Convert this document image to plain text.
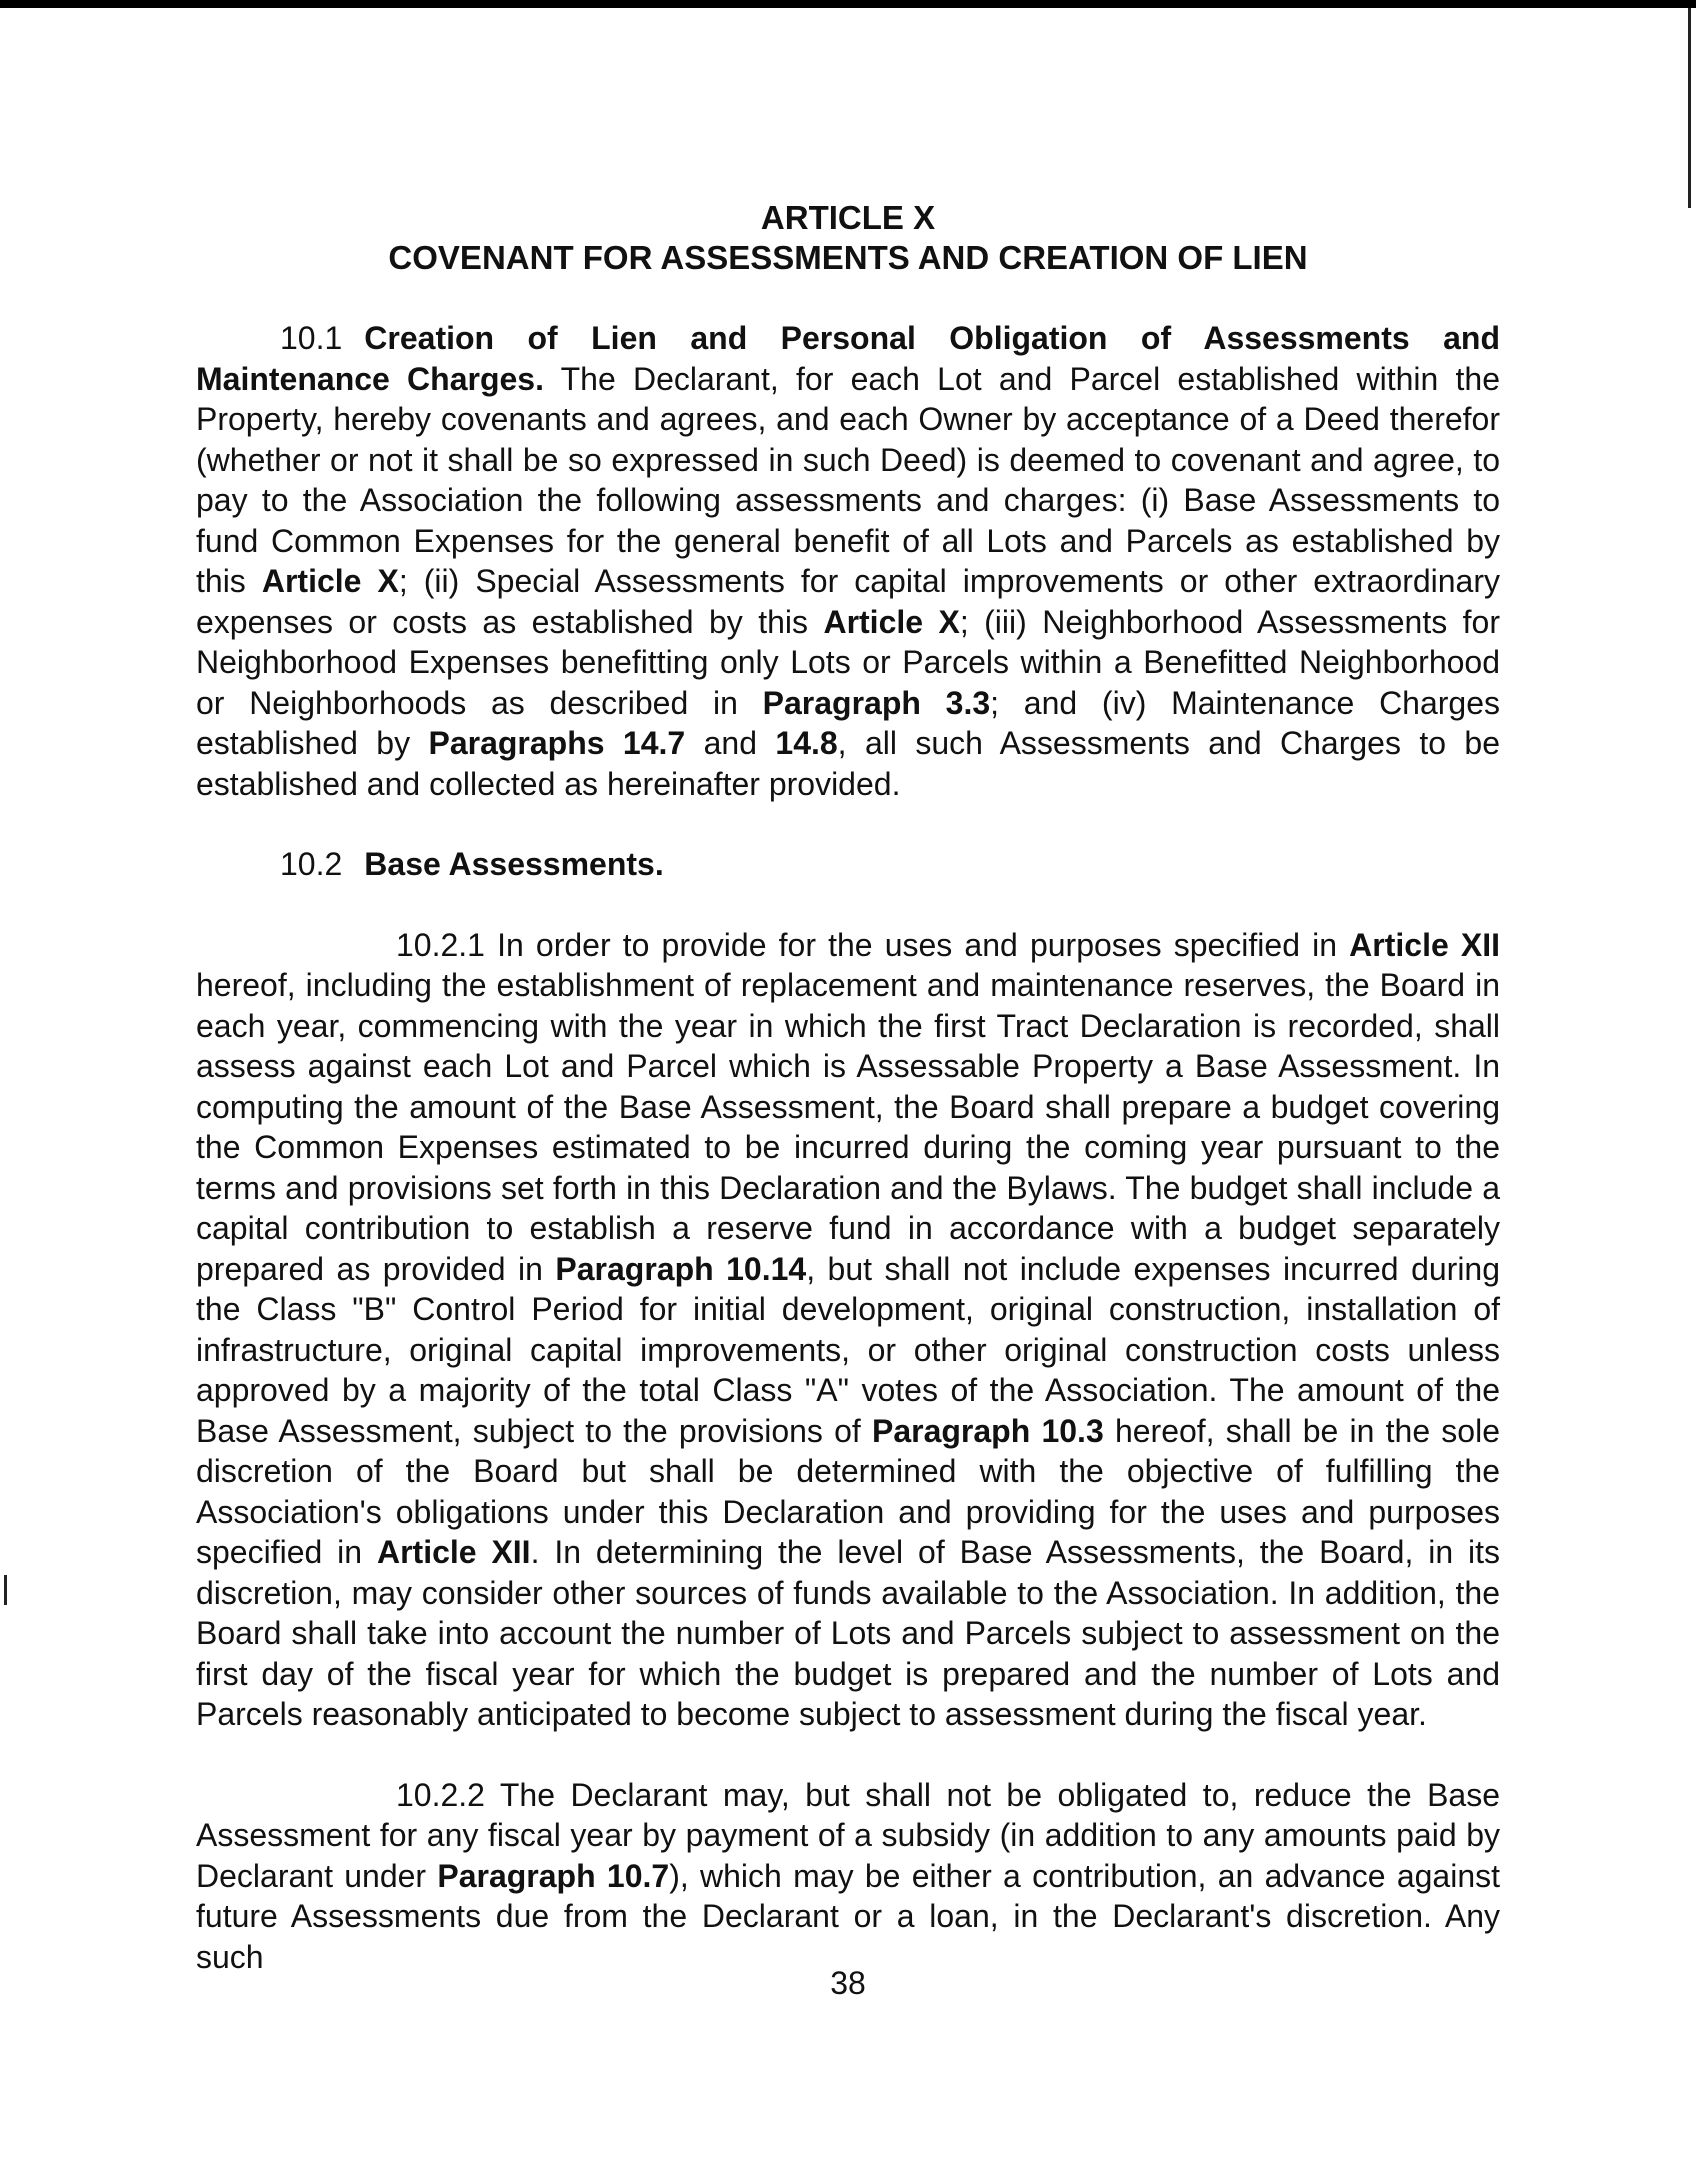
ARTICLE X

COVENANT FOR ASSESSMENTS AND CREATION OF LIEN

10.1 Creation of Lien and Personal Obligation of Assessments and Maintenance Charges. The Declarant, for each Lot and Parcel established within the Property, hereby covenants and agrees, and each Owner by acceptance of a Deed therefor (whether or not it shall be so expressed in such Deed) is deemed to covenant and agree, to pay to the Association the following assessments and charges: (i) Base Assessments to fund Common Expenses for the general benefit of all Lots and Parcels as established by this Article X; (ii) Special Assessments for capital improvements or other extraordinary expenses or costs as established by this Article X; (iii) Neighborhood Assessments for Neighborhood Expenses benefitting only Lots or Parcels within a Benefitted Neighborhood or Neighborhoods as described in Paragraph 3.3; and (iv) Maintenance Charges established by Paragraphs 14.7 and 14.8, all such Assessments and Charges to be established and collected as hereinafter provided.

10.2 Base Assessments.

10.2.1 In order to provide for the uses and purposes specified in Article XII hereof, including the establishment of replacement and maintenance reserves, the Board in each year, commencing with the year in which the first Tract Declaration is recorded, shall assess against each Lot and Parcel which is Assessable Property a Base Assessment. In computing the amount of the Base Assessment, the Board shall prepare a budget covering the Common Expenses estimated to be incurred during the coming year pursuant to the terms and provisions set forth in this Declaration and the Bylaws. The budget shall include a capital contribution to establish a reserve fund in accordance with a budget separately prepared as provided in Paragraph 10.14, but shall not include expenses incurred during the Class "B" Control Period for initial development, original construction, installation of infrastructure, original capital improvements, or other original construction costs unless approved by a majority of the total Class "A" votes of the Association. The amount of the Base Assessment, subject to the provisions of Paragraph 10.3 hereof, shall be in the sole discretion of the Board but shall be determined with the objective of fulfilling the Association's obligations under this Declaration and providing for the uses and purposes specified in Article XII. In determining the level of Base Assessments, the Board, in its discretion, may consider other sources of funds available to the Association. In addition, the Board shall take into account the number of Lots and Parcels subject to assessment on the first day of the fiscal year for which the budget is prepared and the number of Lots and Parcels reasonably anticipated to become subject to assessment during the fiscal year.

10.2.2 The Declarant may, but shall not be obligated to, reduce the Base Assessment for any fiscal year by payment of a subsidy (in addition to any amounts paid by Declarant under Paragraph 10.7), which may be either a contribution, an advance against future Assessments due from the Declarant or a loan, in the Declarant's discretion. Any such

38
